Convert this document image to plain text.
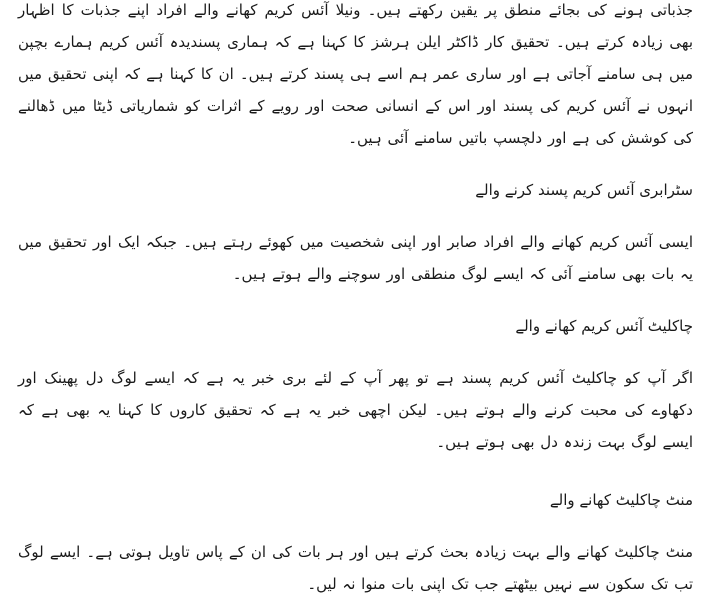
جذباتی ہونے کی بجائے منطق پر یقین رکھتے ہیں۔ ونیلا آئس کریم کھانے والے افراد اپنے جذبات کا اظہار بھی زیادہ کرتے ہیں۔ تحقیق کار ڈاکٹر ایلن ہرشز کا کہنا ہے کہ ہماری پسندیدہ آئس کریم ہمارے بچپن میں ہی سامنے آجاتی ہے اور ساری عمر ہم اسے ہی پسند کرتے ہیں۔ ان کا کہنا ہے کہ اپنی تحقیق میں انہوں نے آئس کریم کی پسند اور اس کے انسانی صحت اور رویے کے اثرات کو شماریاتی ڈیٹا میں ڈھالنے کی کوشش کی ہے اور دلچسپ باتیں سامنے آئی ہیں۔

سٹرابری آئس کریم پسند کرنے والے

ایسی آئس کریم کھانے والے افراد صابر اور اپنی شخصیت میں کھوئے رہتے ہیں۔ جبکہ ایک اور تحقیق میں یہ بات بھی سامنے آئی کہ ایسے لوگ منطقی اور سوچنے والے ہوتے ہیں۔

چاکلیٹ آئس کریم کھانے والے

اگر آپ کو چاکلیٹ آئس کریم پسند ہے تو پھر آپ کے لئے بری خبر یہ ہے کہ ایسے لوگ دل پھینک اور دکھاوے کی محبت کرنے والے ہوتے ہیں۔ لیکن اچھی خبر یہ ہے کہ تحقیق کاروں کا کہنا یہ بھی ہے کہ ایسے لوگ بہت زندہ دل بھی ہوتے ہیں۔

منٹ چاکلیٹ کھانے والے

منٹ چاکلیٹ کھانے والے بہت زیادہ بحث کرتے ہیں اور ہر بات کی ان کے پاس تاویل ہوتی ہے۔ ایسے لوگ تب تک سکون سے نہیں بیٹھتے جب تک اپنی بات منوا نہ لیں۔
